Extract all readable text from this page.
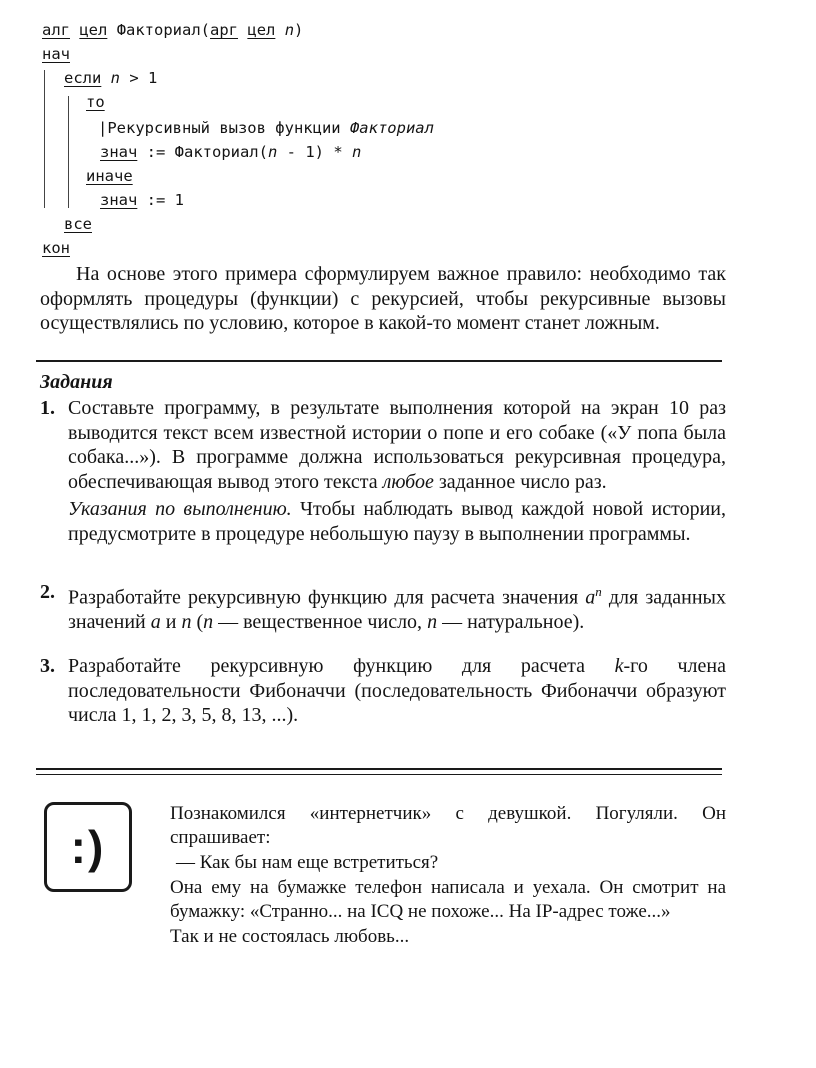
алг цел Факториал(арг цел n)
нач
если n > 1
то
|Рекурсивный вызов функции Факториал
знач := Факториал(n - 1) * n
иначе
знач := 1
все
кон
На основе этого примера сформулируем важное правило: необходимо так оформлять процедуры (функции) с рекурсией, чтобы рекурсивные вызовы осуществлялись по условию, которое в какой-то момент станет ложным.
Задания
1. Составьте программу, в результате выполнения которой на экран 10 раз выводится текст всем известной истории о попе и его собаке («У попа была собака...»). В программе должна использоваться рекурсивная процедура, обеспечивающая вывод этого текста любое заданное число раз.
Указания по выполнению. Чтобы наблюдать вывод каждой новой истории, предусмотрите в процедуре небольшую паузу в выполнении программы.
2. Разработайте рекурсивную функцию для расчета значения $a^n$ для заданных значений a и n (n — вещественное число, n — натуральное).
3. Разработайте рекурсивную функцию для расчета k-го члена последовательности Фибоначчи (последовательность Фибоначчи образуют числа 1, 1, 2, 3, 5, 8, 13, ...).
:)

Познакомился «интернетчик» с девушкой. Погуляли. Он спрашивает:

— Как бы нам еще встретиться?

Она ему на бумажке телефон написала и уехала. Он смотрит на бумажку: «Странно... на ICQ не похоже... На IP-адрес тоже...»

Так и не состоялась любовь...
